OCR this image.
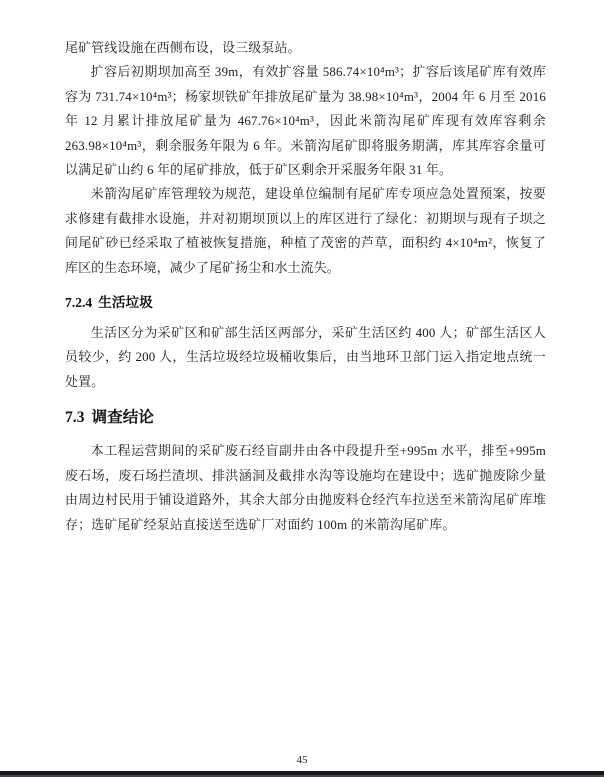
尾矿管线设施在西侧布设，设三级泵站。

扩容后初期坝加高至 39m，有效扩容量 586.74×10⁴m³；扩容后该尾矿库有效库容为 731.74×10⁴m³；杨家坝铁矿年排放尾矿量为 38.98×10⁴m³，2004 年 6 月至 2016 年 12 月累计排放尾矿量为 467.76×10⁴m³，因此米箭沟尾矿库现有效库容剩余 263.98×10⁴m³，剩余服务年限为 6 年。米箭沟尾矿即将服务期满，库其库容余量可以满足矿山约 6 年的尾矿排放，低于矿区剩余开采服务年限 31 年。

米箭沟尾矿库管理较为规范，建设单位编制有尾矿库专项应急处置预案，按要求修建有截排水设施，并对初期坝顶以上的库区进行了绿化：初期坝与现有子坝之间尾矿砂已经采取了植被恢复措施，种植了茂密的芦草，面积约 4×10⁴m²，恢复了库区的生态环境，减少了尾矿扬尘和水土流失。

7.2.4 生活垃圾

生活区分为采矿区和矿部生活区两部分，采矿生活区约 400 人；矿部生活区人员较少，约 200 人，生活垃圾经垃圾桶收集后，由当地环卫部门运入指定地点统一处置。

7.3 调查结论

本工程运营期间的采矿废石经盲副井由各中段提升至+995m 水平，排至+995m 废石场，废石场拦渣坝、排洪涵洞及截排水沟等设施均在建设中；选矿抛废除少量由周边村民用于铺设道路外，其余大部分由抛废料仓经汽车拉送至米箭沟尾矿库堆存；选矿尾矿经泵站直接送至选矿厂对面约 100m 的米箭沟尾矿库。

45
